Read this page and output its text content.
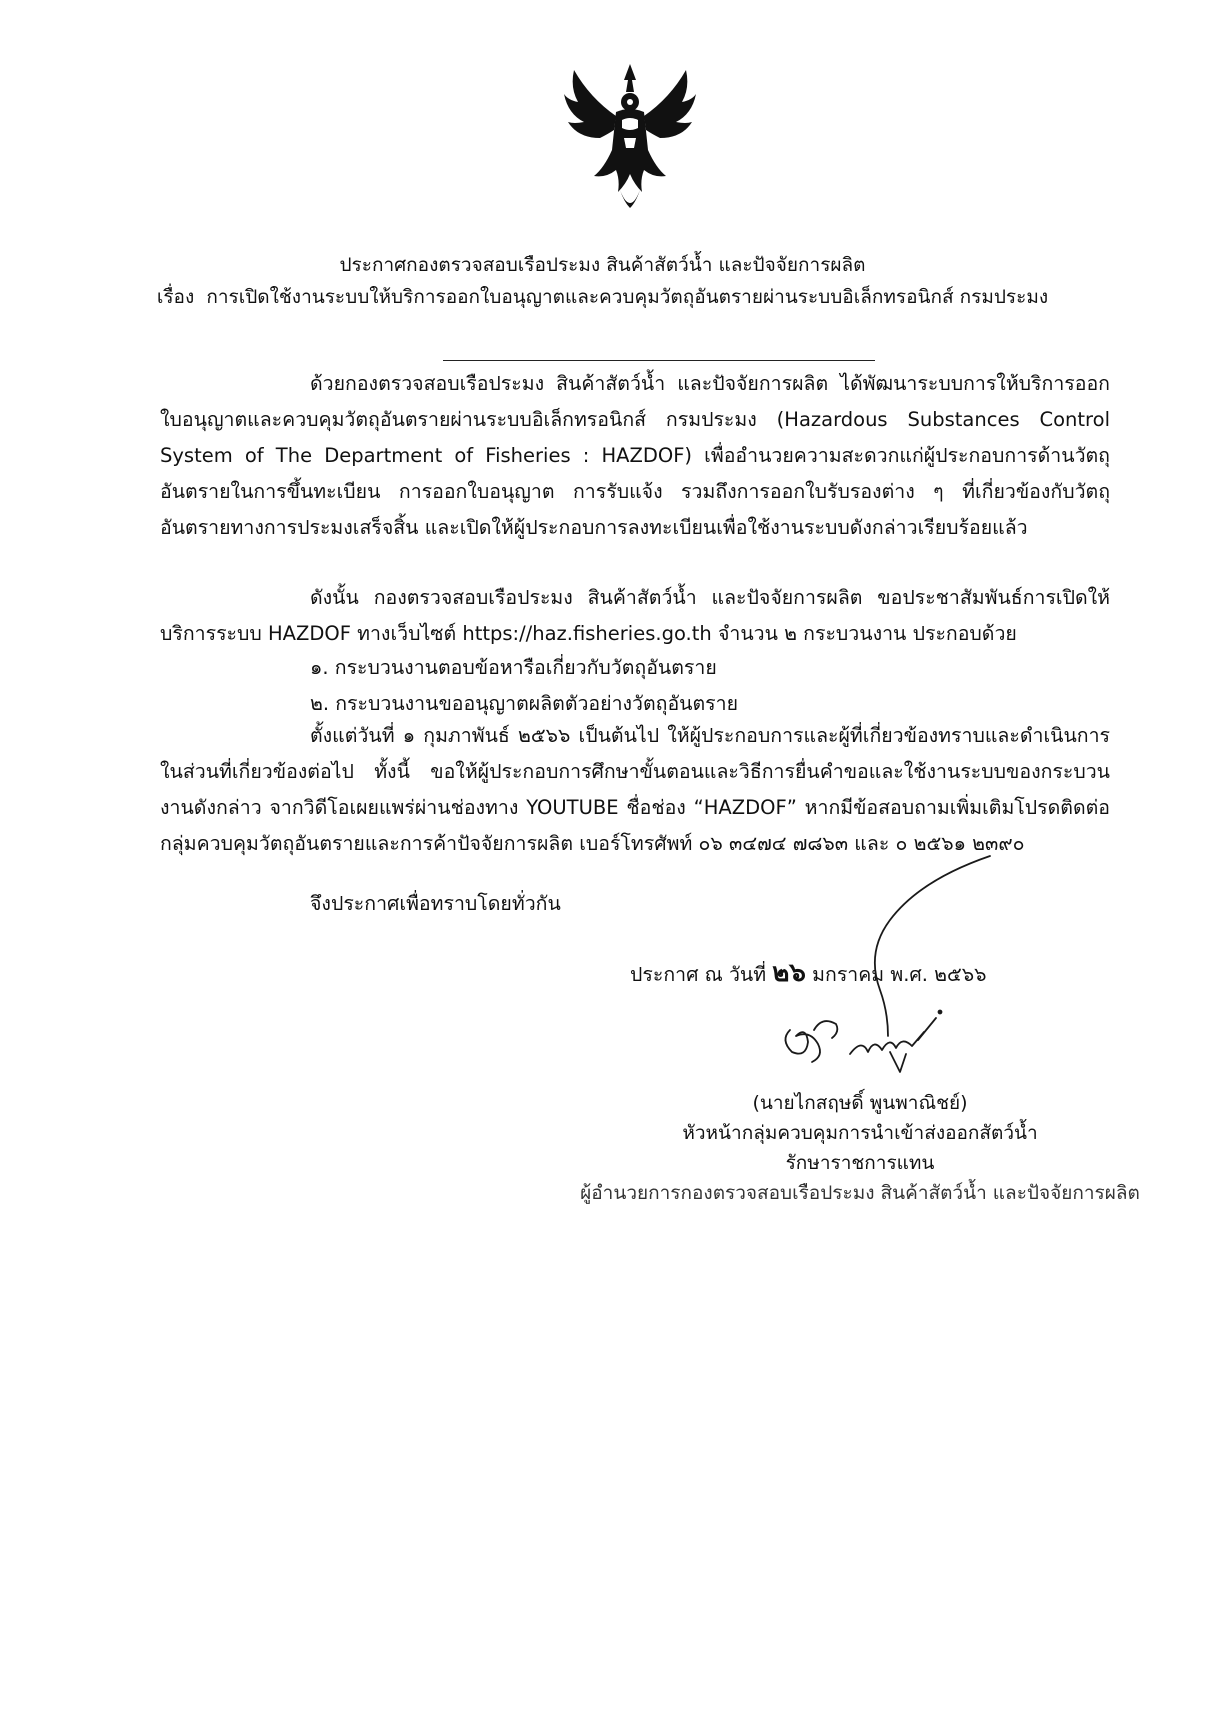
ประกาศกองตรวจสอบเรือประมง สินค้าสัตว์น้ำ และปัจจัยการผลิต
เรื่อง การเปิดใช้งานระบบให้บริการออกใบอนุญาตและควบคุมวัตถุอันตรายผ่านระบบอิเล็กทรอนิกส์ กรมประมง

ด้วยกองตรวจสอบเรือประมง สินค้าสัตว์น้ำ และปัจจัยการผลิต ได้พัฒนาระบบการให้บริการออกใบอนุญาตและควบคุมวัตถุอันตรายผ่านระบบอิเล็กทรอนิกส์ กรมประมง (Hazardous Substances Control System of The Department of Fisheries : HAZDOF) เพื่ออำนวยความสะดวกแก่ผู้ประกอบการด้านวัตถุอันตรายในการขึ้นทะเบียน การออกใบอนุญาต การรับแจ้ง รวมถึงการออกใบรับรองต่าง ๆ ที่เกี่ยวข้องกับวัตถุอันตรายทางการประมงเสร็จสิ้น และเปิดให้ผู้ประกอบการลงทะเบียนเพื่อใช้งานระบบดังกล่าวเรียบร้อยแล้ว

ดังนั้น กองตรวจสอบเรือประมง สินค้าสัตว์น้ำ และปัจจัยการผลิต ขอประชาสัมพันธ์การเปิดให้บริการระบบ HAZDOF ทางเว็บไซต์ https://haz.fisheries.go.th จำนวน ๒ กระบวนงาน ประกอบด้วย

๑. กระบวนงานตอบข้อหารือเกี่ยวกับวัตถุอันตราย
๒. กระบวนงานขออนุญาตผลิตตัวอย่างวัตถุอันตราย

ตั้งแต่วันที่ ๑ กุมภาพันธ์ ๒๕๖๖ เป็นต้นไป ให้ผู้ประกอบการและผู้ที่เกี่ยวข้องทราบและดำเนินการในส่วนที่เกี่ยวข้องต่อไป ทั้งนี้ ขอให้ผู้ประกอบการศึกษาขั้นตอนและวิธีการยื่นคำขอและใช้งานระบบของกระบวนงานดังกล่าว จากวิดีโอเผยแพร่ผ่านช่องทาง YOUTUBE ชื่อช่อง “HAZDOF” หากมีข้อสอบถามเพิ่มเติมโปรดติดต่อกลุ่มควบคุมวัตถุอันตรายและการค้าปัจจัยการผลิต เบอร์โทรศัพท์ ๐๖ ๓๔๗๔ ๗๘๖๓ และ ๐ ๒๕๖๑ ๒๓๙๐

จึงประกาศเพื่อทราบโดยทั่วกัน
ประกาศ ณ วันที่ ๒๖ มกราคม พ.ศ. ๒๕๖๖
(นายไกสฤษดิ์ พูนพาณิชย์)
หัวหน้ากลุ่มควบคุมการนำเข้าส่งออกสัตว์น้ำ
รักษาราชการแทน
ผู้อำนวยการกองตรวจสอบเรือประมง สินค้าสัตว์น้ำ และปัจจัยการผลิต
